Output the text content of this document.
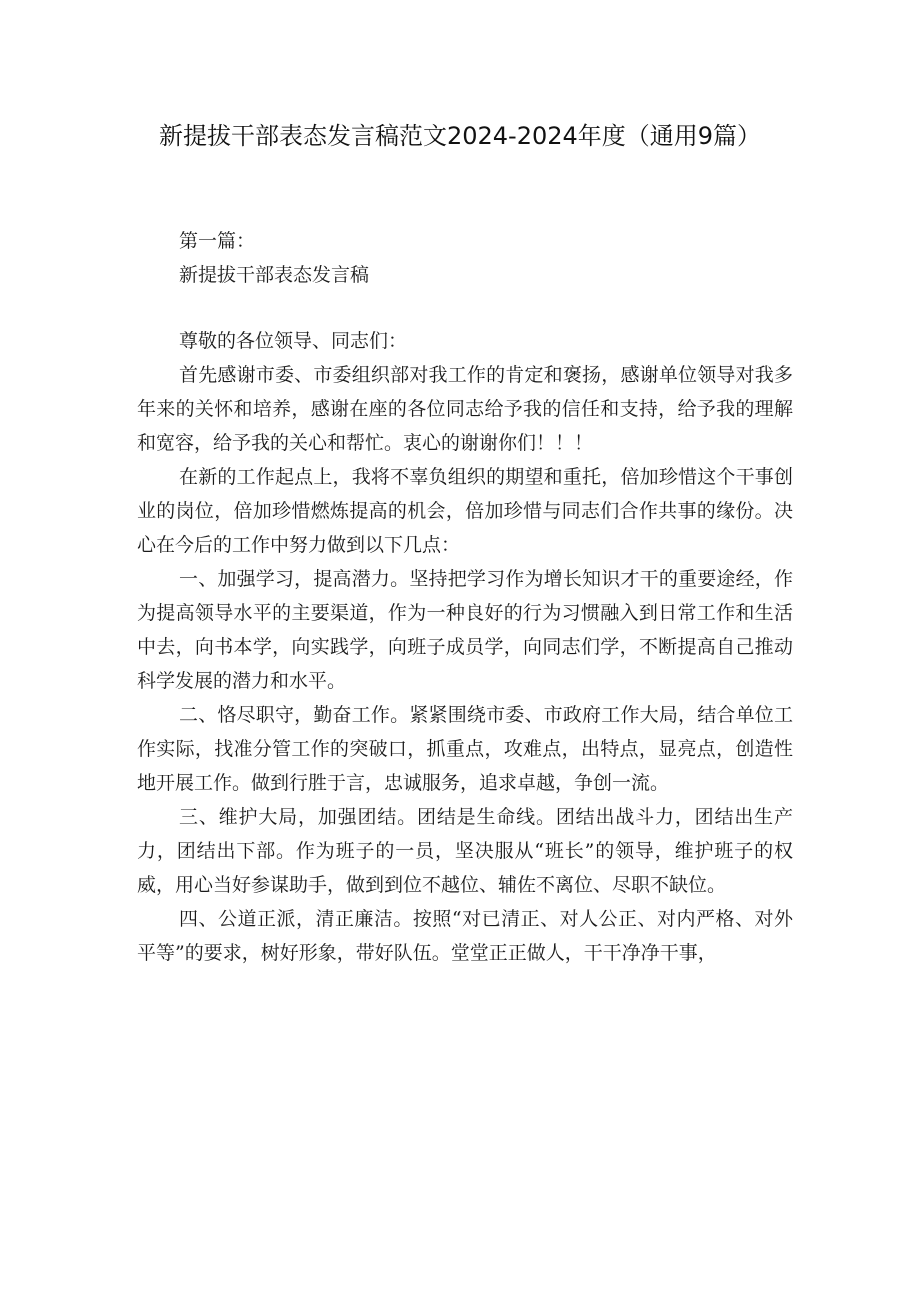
新提拔干部表态发言稿范文2024-2024年度（通用9篇）

第一篇：

新提拔干部表态发言稿

尊敬的各位领导、同志们：

首先感谢市委、市委组织部对我工作的肯定和褒扬，感谢单位领导对我多年来的关怀和培养，感谢在座的各位同志给予我的信任和支持，给予我的理解和宽容，给予我的关心和帮忙。衷心的谢谢你们！！！

在新的工作起点上，我将不辜负组织的期望和重托，倍加珍惜这个干事创业的岗位，倍加珍惜燃炼提高的机会，倍加珍惜与同志们合作共事的缘份。决心在今后的工作中努力做到以下几点：

一、加强学习，提高潜力。坚持把学习作为增长知识才干的重要途经，作为提高领导水平的主要渠道，作为一种良好的行为习惯融入到日常工作和生活中去，向书本学，向实践学，向班子成员学，向同志们学，不断提高自己推动科学发展的潜力和水平。

二、恪尽职守，勤奋工作。紧紧围绕市委、市政府工作大局，结合单位工作实际，找准分管工作的突破口，抓重点，攻难点，出特点，显亮点，创造性地开展工作。做到行胜于言，忠诚服务，追求卓越，争创一流。

三、维护大局，加强团结。团结是生命线。团结出战斗力，团结出生产力，团结出下部。作为班子的一员，坚决服从“班长”的领导，维护班子的权威，用心当好参谋助手，做到到位不越位、辅佐不离位、尽职不缺位。

四、公道正派，清正廉洁。按照“对已清正、对人公正、对内严格、对外平等”的要求，树好形象，带好队伍。堂堂正正做人，干干净净干事，
